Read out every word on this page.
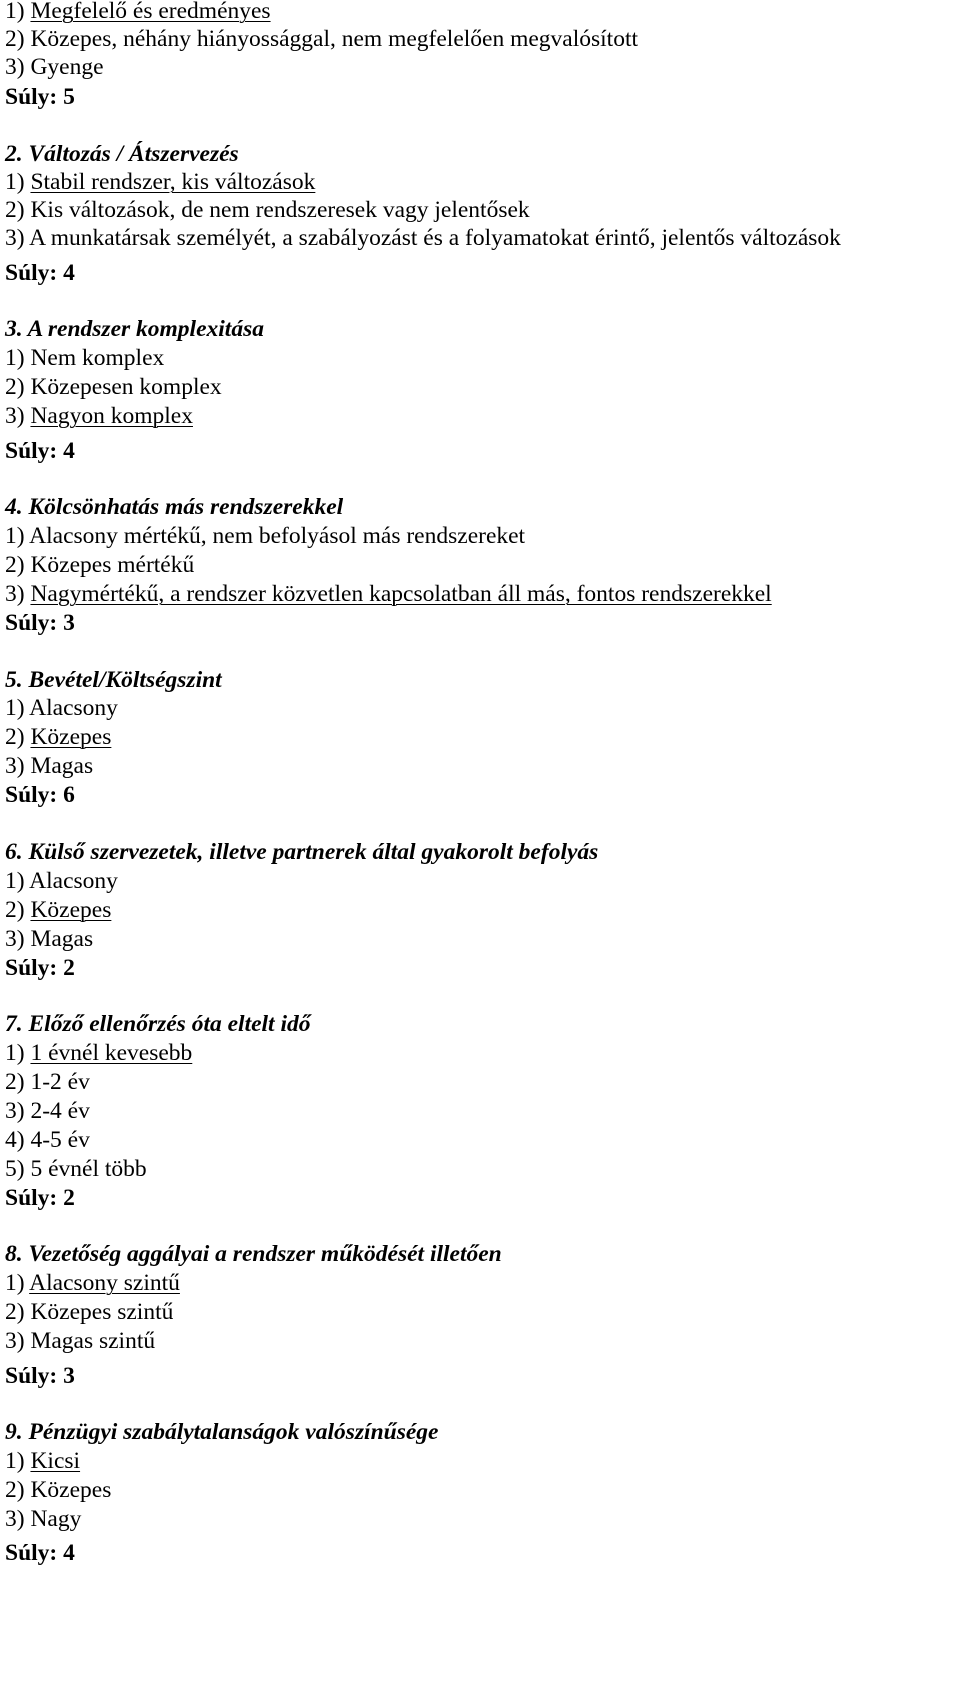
1) Megfelelő és eredményes
2) Közepes, néhány hiányossággal, nem megfelelően megvalósított
3) Gyenge
Súly: 5
2. Változás / Átszervezés
1) Stabil rendszer, kis változások
2) Kis változások, de nem rendszeresek vagy jelentősek
3) A munkatársak személyét, a szabályozást és a folyamatokat érintő, jelentős változások
Súly: 4
3. A rendszer komplexitása
1) Nem komplex
2) Közepesen komplex
3) Nagyon komplex
Súly: 4
4. Kölcsönhatás más rendszerekkel
1) Alacsony mértékű, nem befolyásol más rendszereket
2) Közepes mértékű
3) Nagymértékű, a rendszer közvetlen kapcsolatban áll más, fontos rendszerekkel
Súly: 3
5. Bevétel/Költségszint
1) Alacsony
2) Közepes
3) Magas
Súly: 6
6. Külső szervezetek, illetve partnerek által gyakorolt befolyás
1) Alacsony
2) Közepes
3) Magas
Súly: 2
7. Előző ellenőrzés óta eltelt idő
1) 1 évnél kevesebb
2) 1-2 év
3) 2-4 év
4) 4-5 év
5) 5 évnél több
Súly: 2
8. Vezetőség aggályai a rendszer működését illetően
1) Alacsony szintű
2) Közepes szintű
3) Magas szintű
Súly: 3
9. Pénzügyi szabálytalanságok valószínűsége
1) Kicsi
2) Közepes
3) Nagy
Súly: 4
